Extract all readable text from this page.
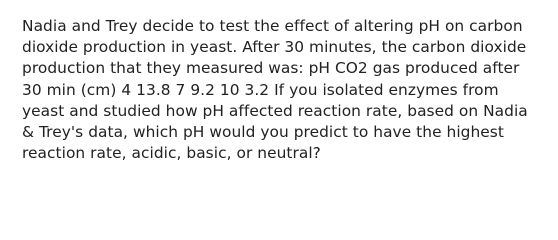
Nadia and Trey decide to test the effect of altering pH on carbon
dioxide production in yeast. After 30 minutes, the carbon dioxide
production that they measured was: pH CO2 gas produced after
30 min (cm) 4 13.8 7 9.2 10 3.2 If you isolated enzymes from
yeast and studied how pH affected reaction rate, based on Nadia
& Trey's data, which pH would you predict to have the highest
reaction rate, acidic, basic, or neutral?
